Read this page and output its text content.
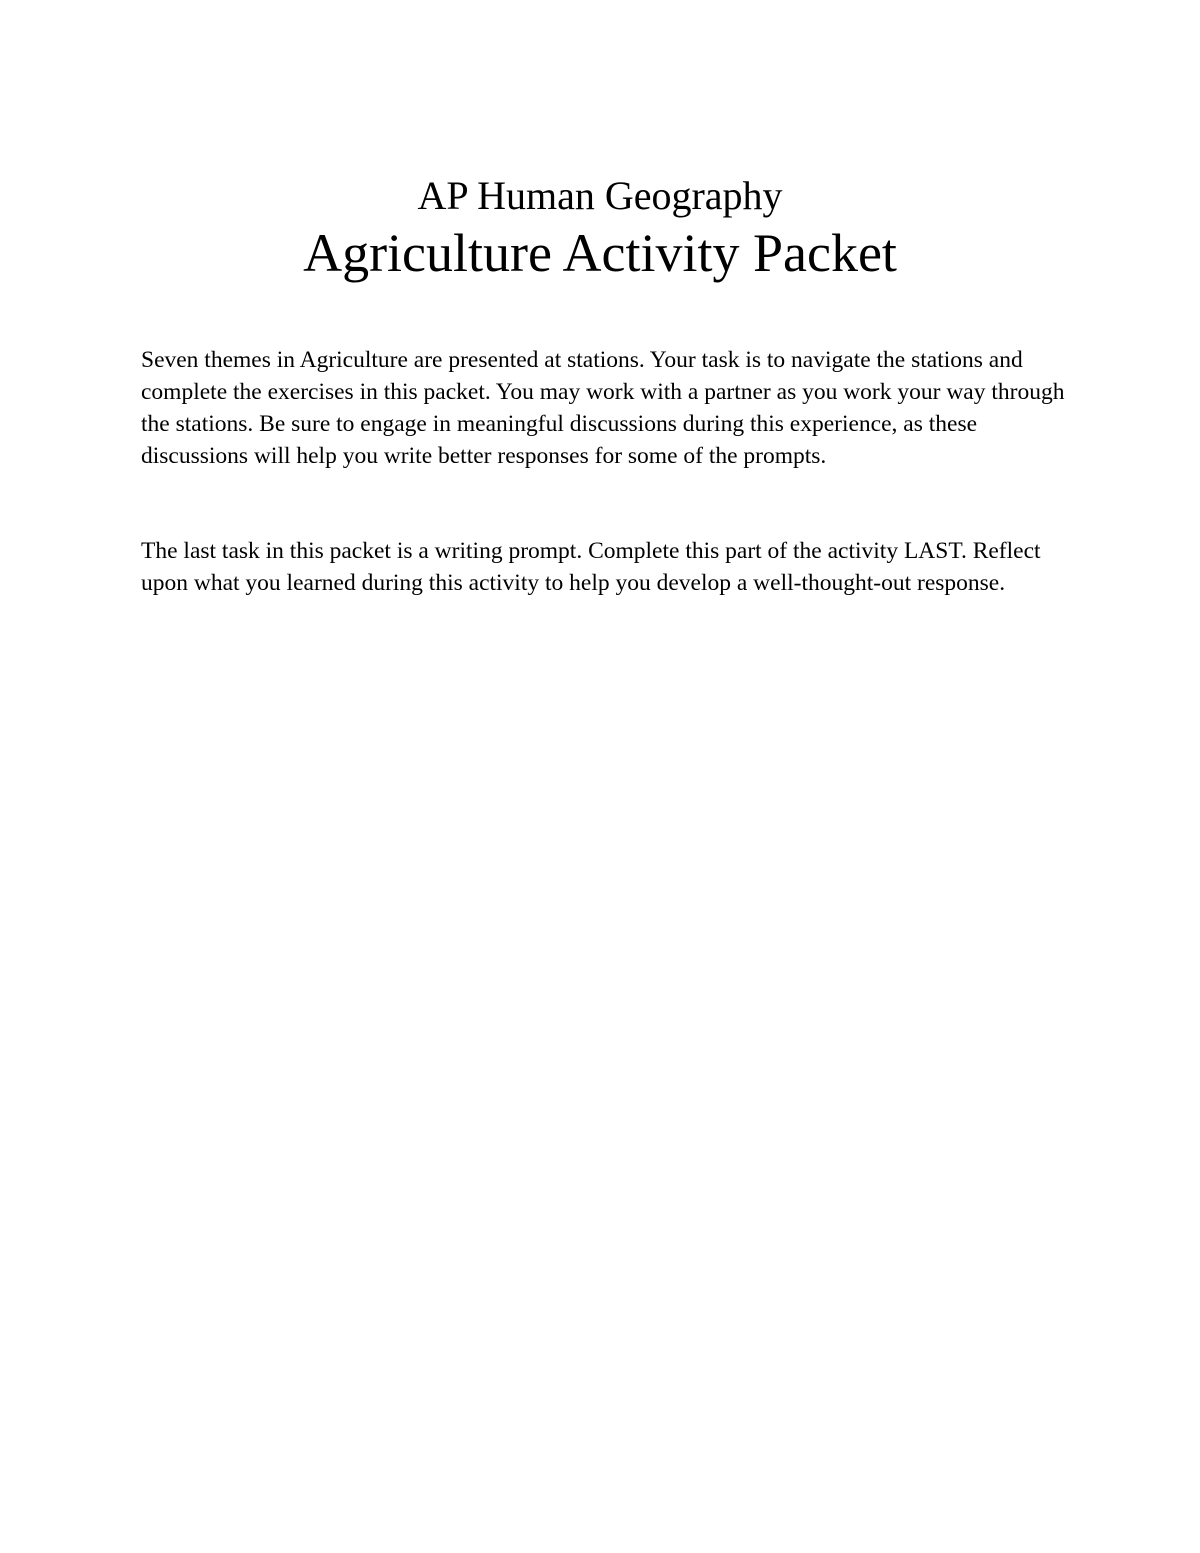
AP Human Geography
Agriculture Activity Packet

Seven themes in Agriculture are presented at stations. Your task is to navigate the stations and complete the exercises in this packet. You may work with a partner as you work your way through the stations. Be sure to engage in meaningful discussions during this experience, as these discussions will help you write better responses for some of the prompts.

The last task in this packet is a writing prompt. Complete this part of the activity LAST. Reflect upon what you learned during this activity to help you develop a well-thought-out response.
